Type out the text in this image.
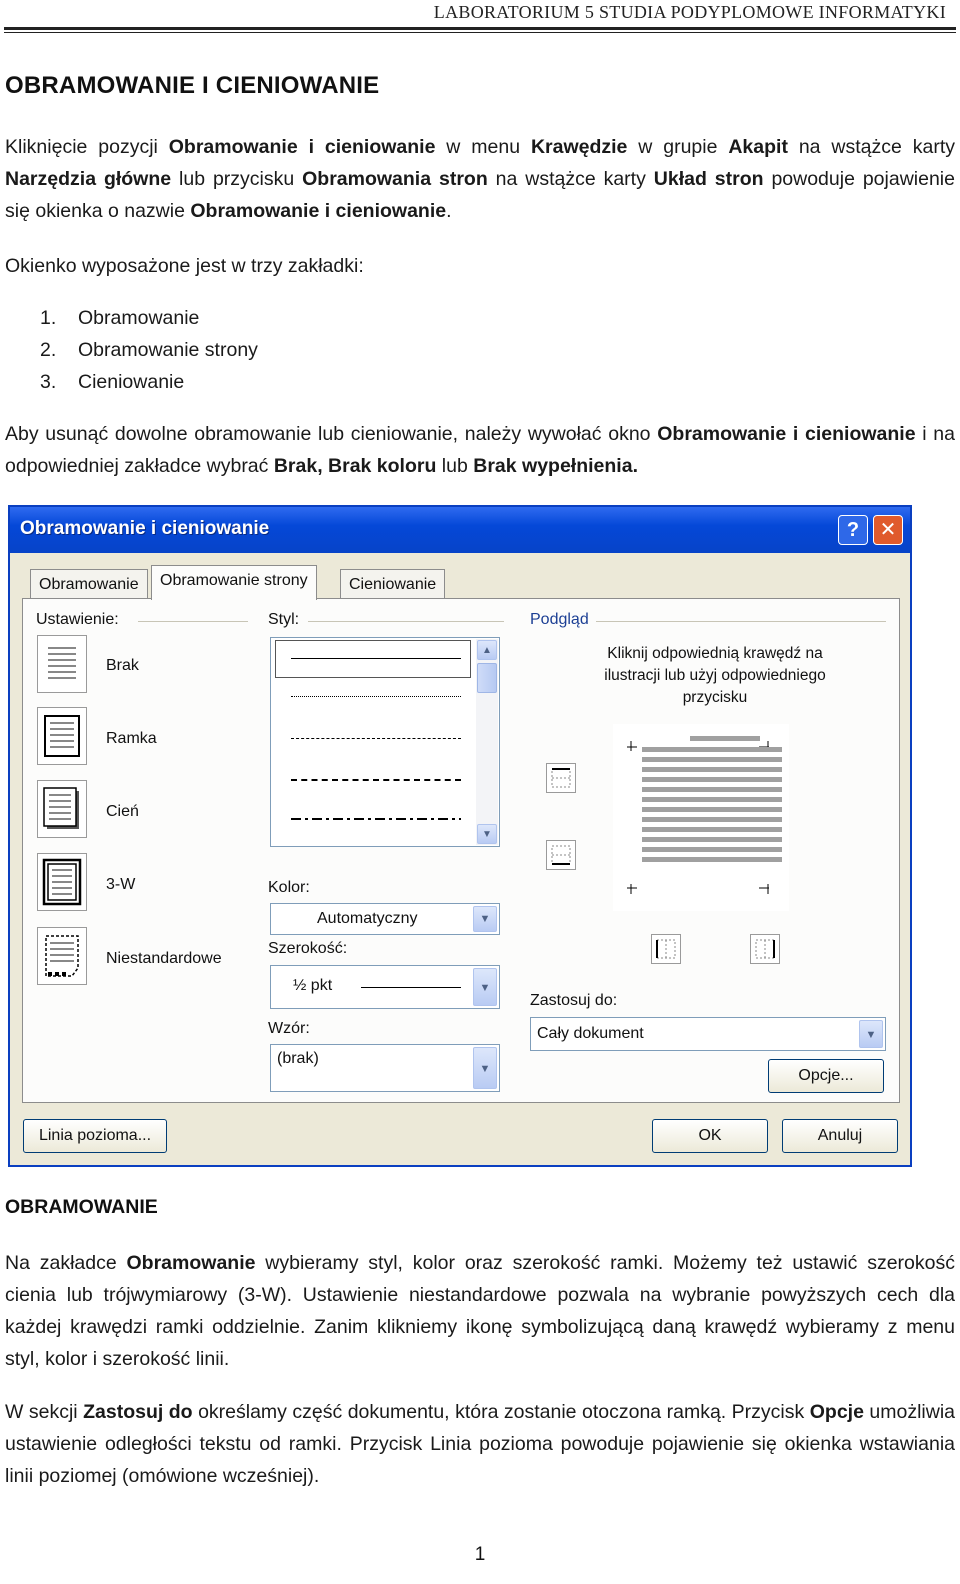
LABORATORIUM 5 STUDIA PODYPLOMOWE INFORMATYKI
OBRAMOWANIE I CIENIOWANIE

Kliknięcie pozycji Obramowanie i cieniowanie w menu Krawędzie w grupie Akapit na wstążce karty Narzędzia główne lub przycisku Obramowania stron na wstążce karty Układ stron powoduje pojawienie się okienka o nazwie Obramowanie i cieniowanie.

Okienko wyposażone jest w trzy zakładki:

1. Obramowanie
2. Obramowanie strony
3. Cieniowanie

Aby usunąć dowolne obramowanie lub cieniowanie, należy wywołać okno Obramowanie i cieniowanie i na odpowiedniej zakładce wybrać Brak, Brak koloru lub Brak wypełnienia.

Obramowanie i cieniowanie	?	✕
Obramowanie	Obramowanie strony	Cieniowanie
Ustawienie:
Brak
Ramka
Cień
3-W
Niestandardowe
Styl:
▲
▼
Kolor:
Automatyczny	▼
Szerokość:
½ pkt	▼
Wzór:
(brak)
▼
Podgląd
Kliknij odpowiednią krawędź na ilustracji lub użyj odpowiedniego przycisku
Zastosuj do:
Cały dokument	▼
Opcje...
Linia pozioma...	OK	Anuluj
OBRAMOWANIE

Na zakładce Obramowanie wybieramy styl, kolor oraz szerokość ramki. Możemy też ustawić szerokość cienia lub trójwymiarowy (3-W). Ustawienie niestandardowe pozwala na wybranie powyższych cech dla każdej krawędzi ramki oddzielnie. Zanim klikniemy ikonę symbolizującą daną krawędź wybieramy z menu styl, kolor i szerokość linii.

W sekcji Zastosuj do określamy część dokumentu, która zostanie otoczona ramką. Przycisk Opcje umożliwia ustawienie odległości tekstu od ramki. Przycisk Linia pozioma powoduje pojawienie się okienka wstawiania linii poziomej (omówione wcześniej).

1
